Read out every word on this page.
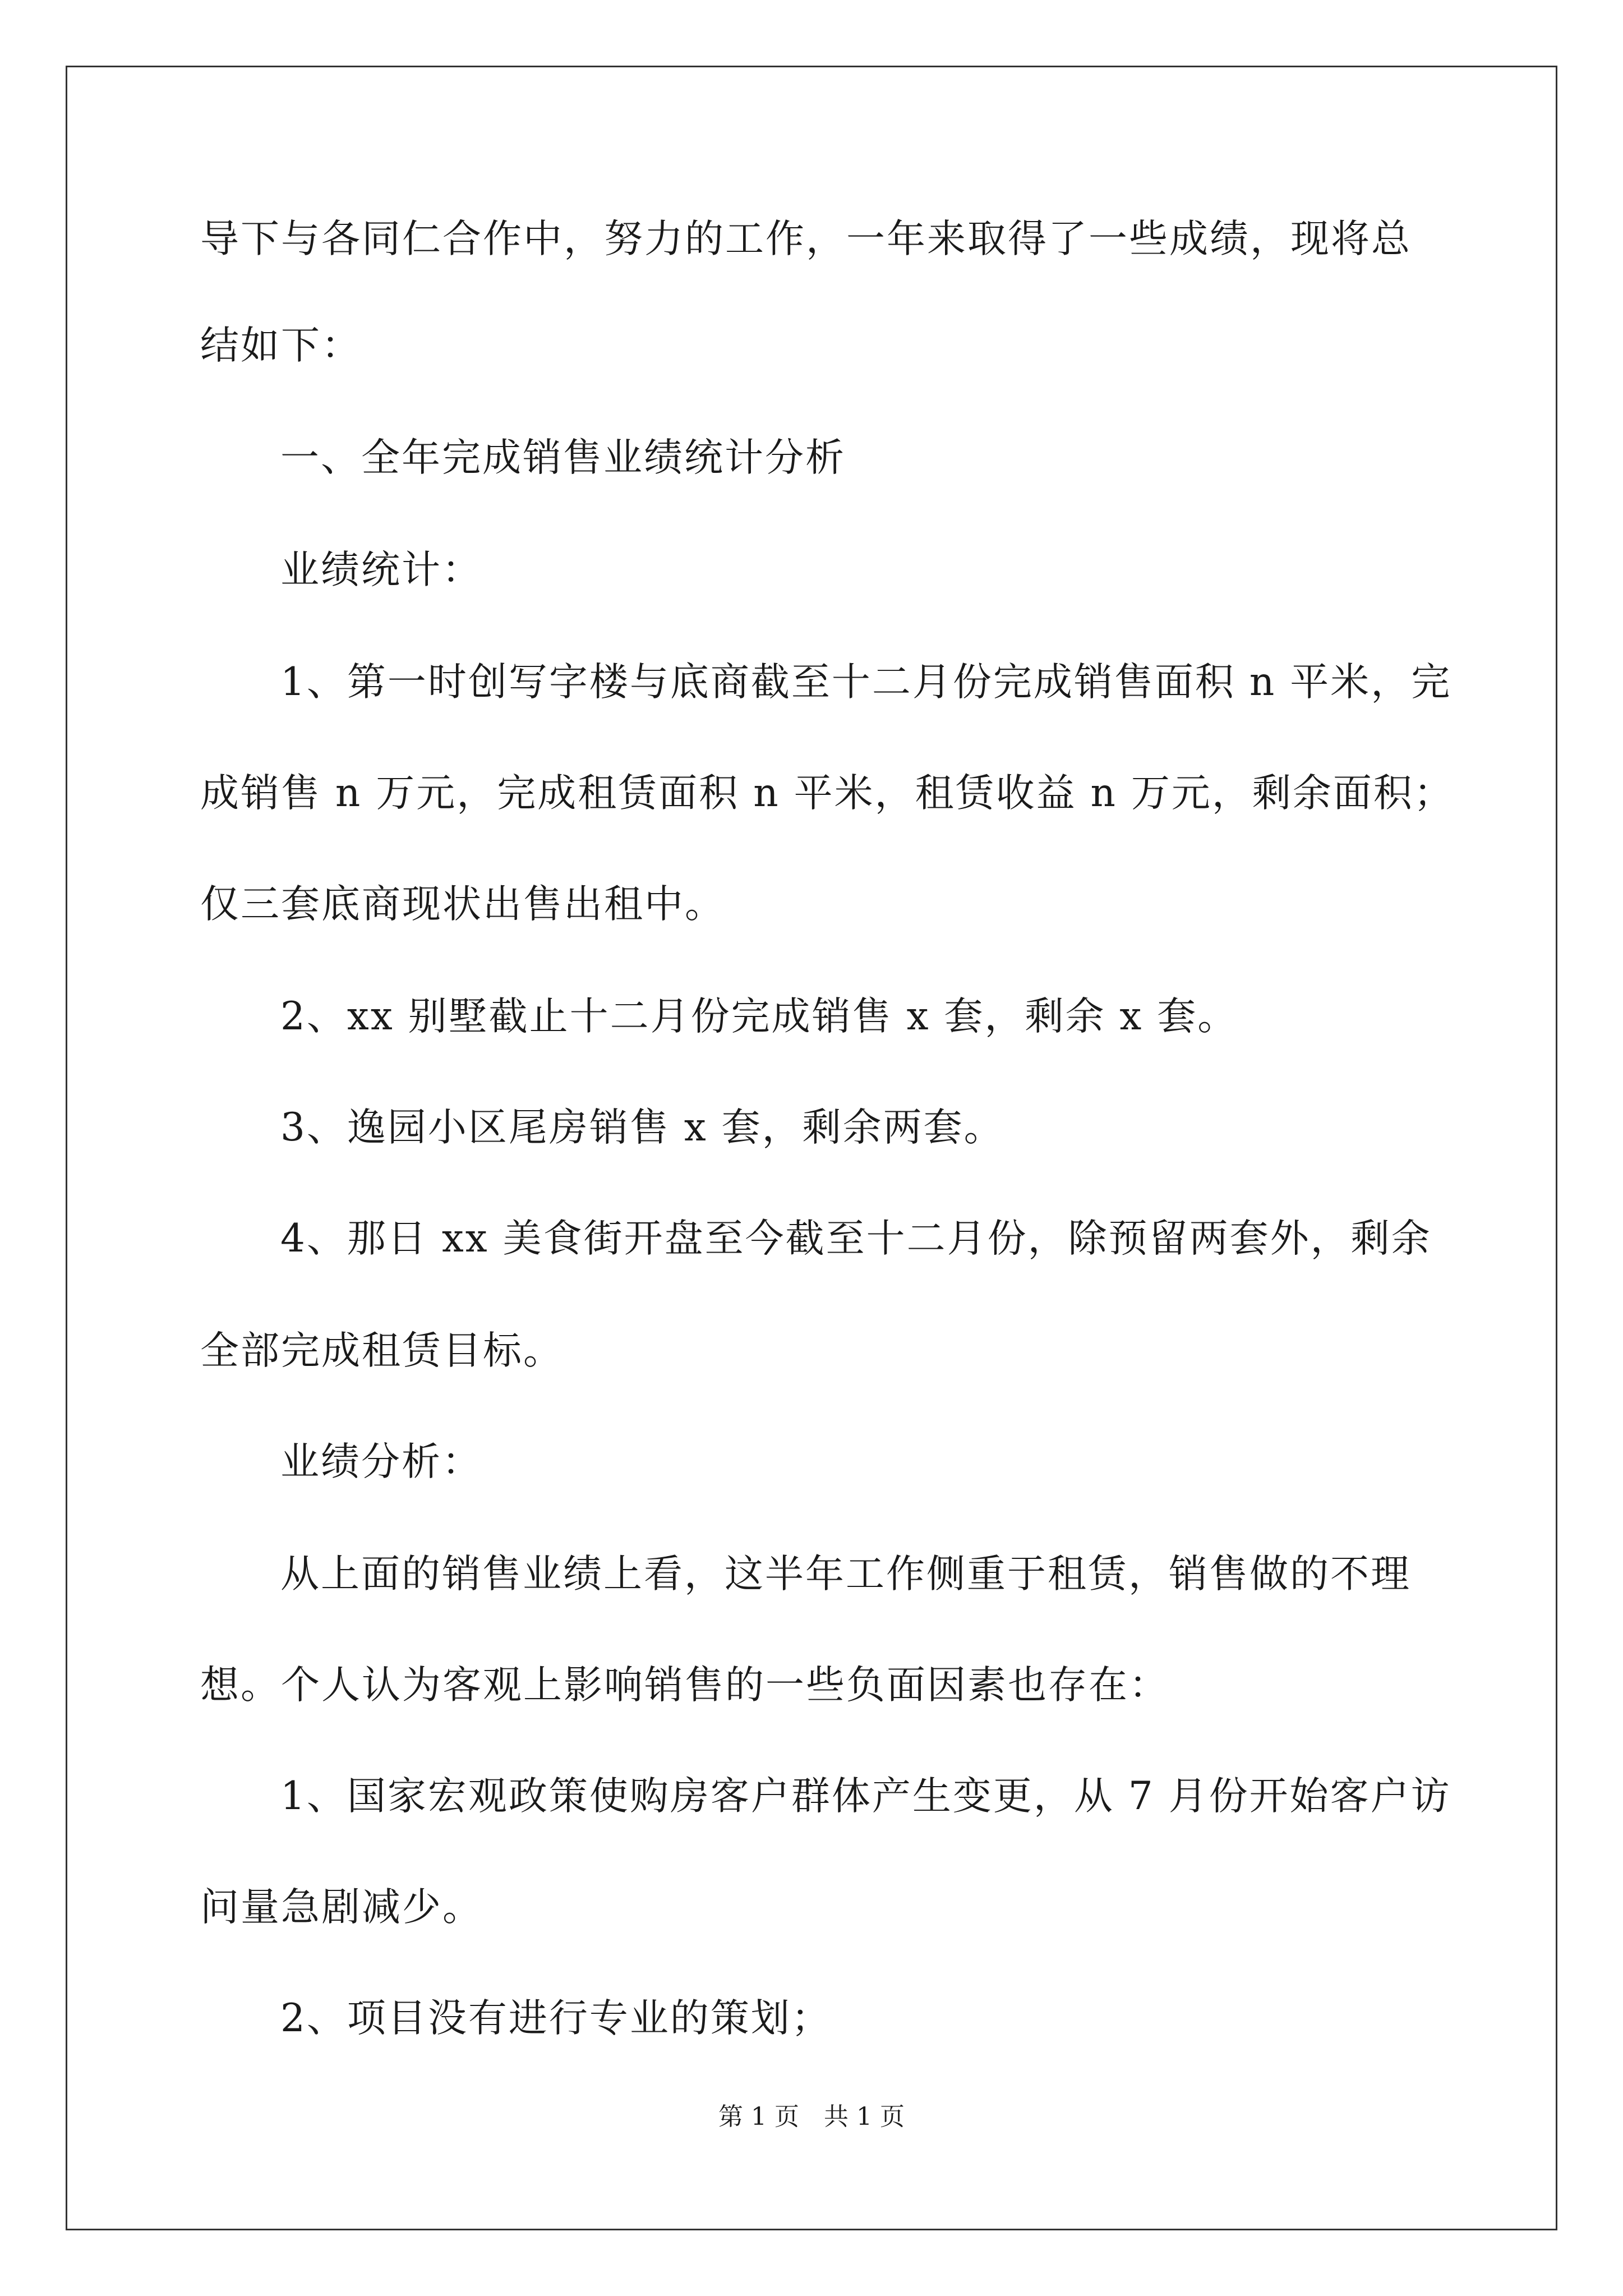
导下与各同仁合作中，努力的工作，一年来取得了一些成绩，现将总
结如下：
一、全年完成销售业绩统计分析
业绩统计：
1、第一时创写字楼与底商截至十二月份完成销售面积 n 平米，完
成销售 n 万元，完成租赁面积 n 平米，租赁收益 n 万元，剩余面积；
仅三套底商现状出售出租中。
2、xx 别墅截止十二月份完成销售 x 套，剩余 x 套。
3、逸园小区尾房销售 x 套，剩余两套。
4、那日 xx 美食街开盘至今截至十二月份，除预留两套外，剩余
全部完成租赁目标。
业绩分析：
从上面的销售业绩上看，这半年工作侧重于租赁，销售做的不理
想。个人认为客观上影响销售的一些负面因素也存在：
1、国家宏观政策使购房客户群体产生变更，从 7 月份开始客户访
问量急剧减少。
2、项目没有进行专业的策划；
第 1 页　共 1 页
